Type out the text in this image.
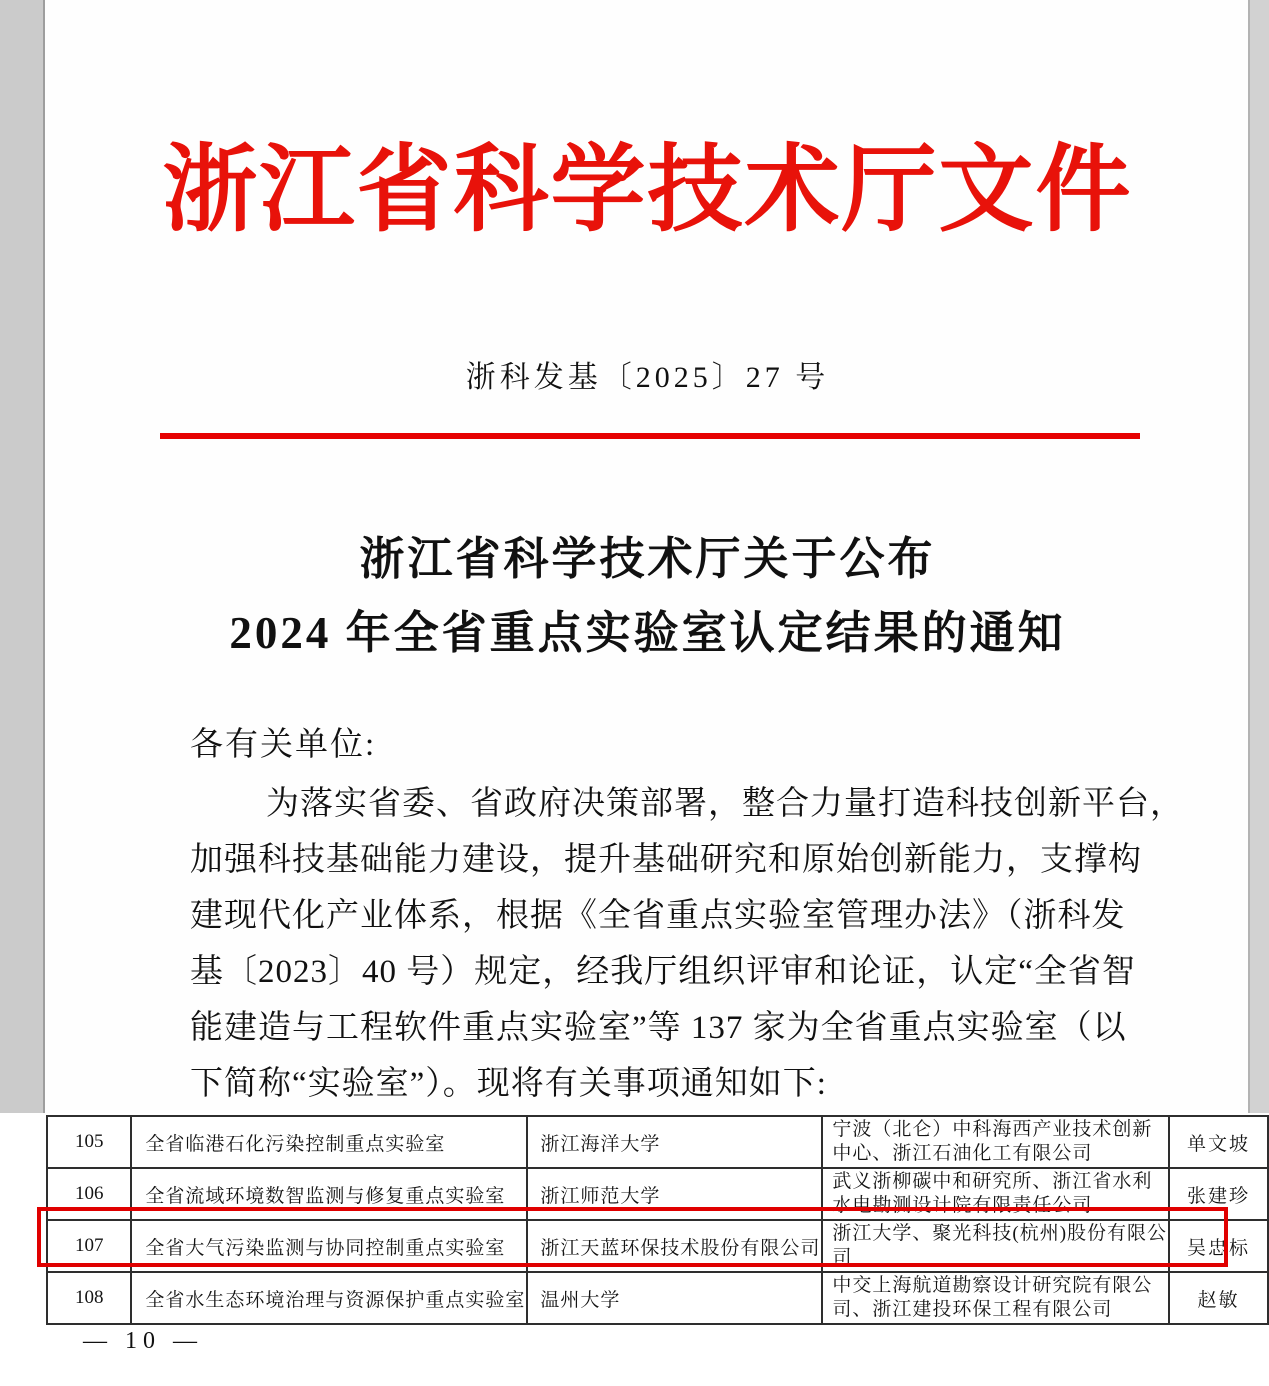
浙江省科学技术厅文件
浙科发基〔2025〕27 号
浙江省科学技术厅关于公布
2024 年全省重点实验室认定结果的通知
各有关单位:
为落实省委、省政府决策部署，整合力量打造科技创新平台，
加强科技基础能力建设，提升基础研究和原始创新能力，支撑构
建现代化产业体系，根据《全省重点实验室管理办法》（浙科发
基〔2023〕40 号）规定，经我厅组织评审和论证，认定“全省智
能建造与工程软件重点实验室”等 137 家为全省重点实验室（以
下简称“实验室”）。现将有关事项通知如下:
105	全省临港石化污染控制重点实验室	浙江海洋大学	宁波（北仑）中科海西产业技术创新
中心、浙江石油化工有限公司	单文坡
106	全省流域环境数智监测与修复重点实验室	浙江师范大学	武义浙柳碳中和研究所、浙江省水利
水电勘测设计院有限责任公司	张建珍
107	全省大气污染监测与协同控制重点实验室	浙江天蓝环保技术股份有限公司	浙江大学、聚光科技(杭州)股份有限公
司	吴忠标
108	全省水生态环境治理与资源保护重点实验室	温州大学	中交上海航道勘察设计研究院有限公
司、浙江建投环保工程有限公司	赵敏
— 10 —
